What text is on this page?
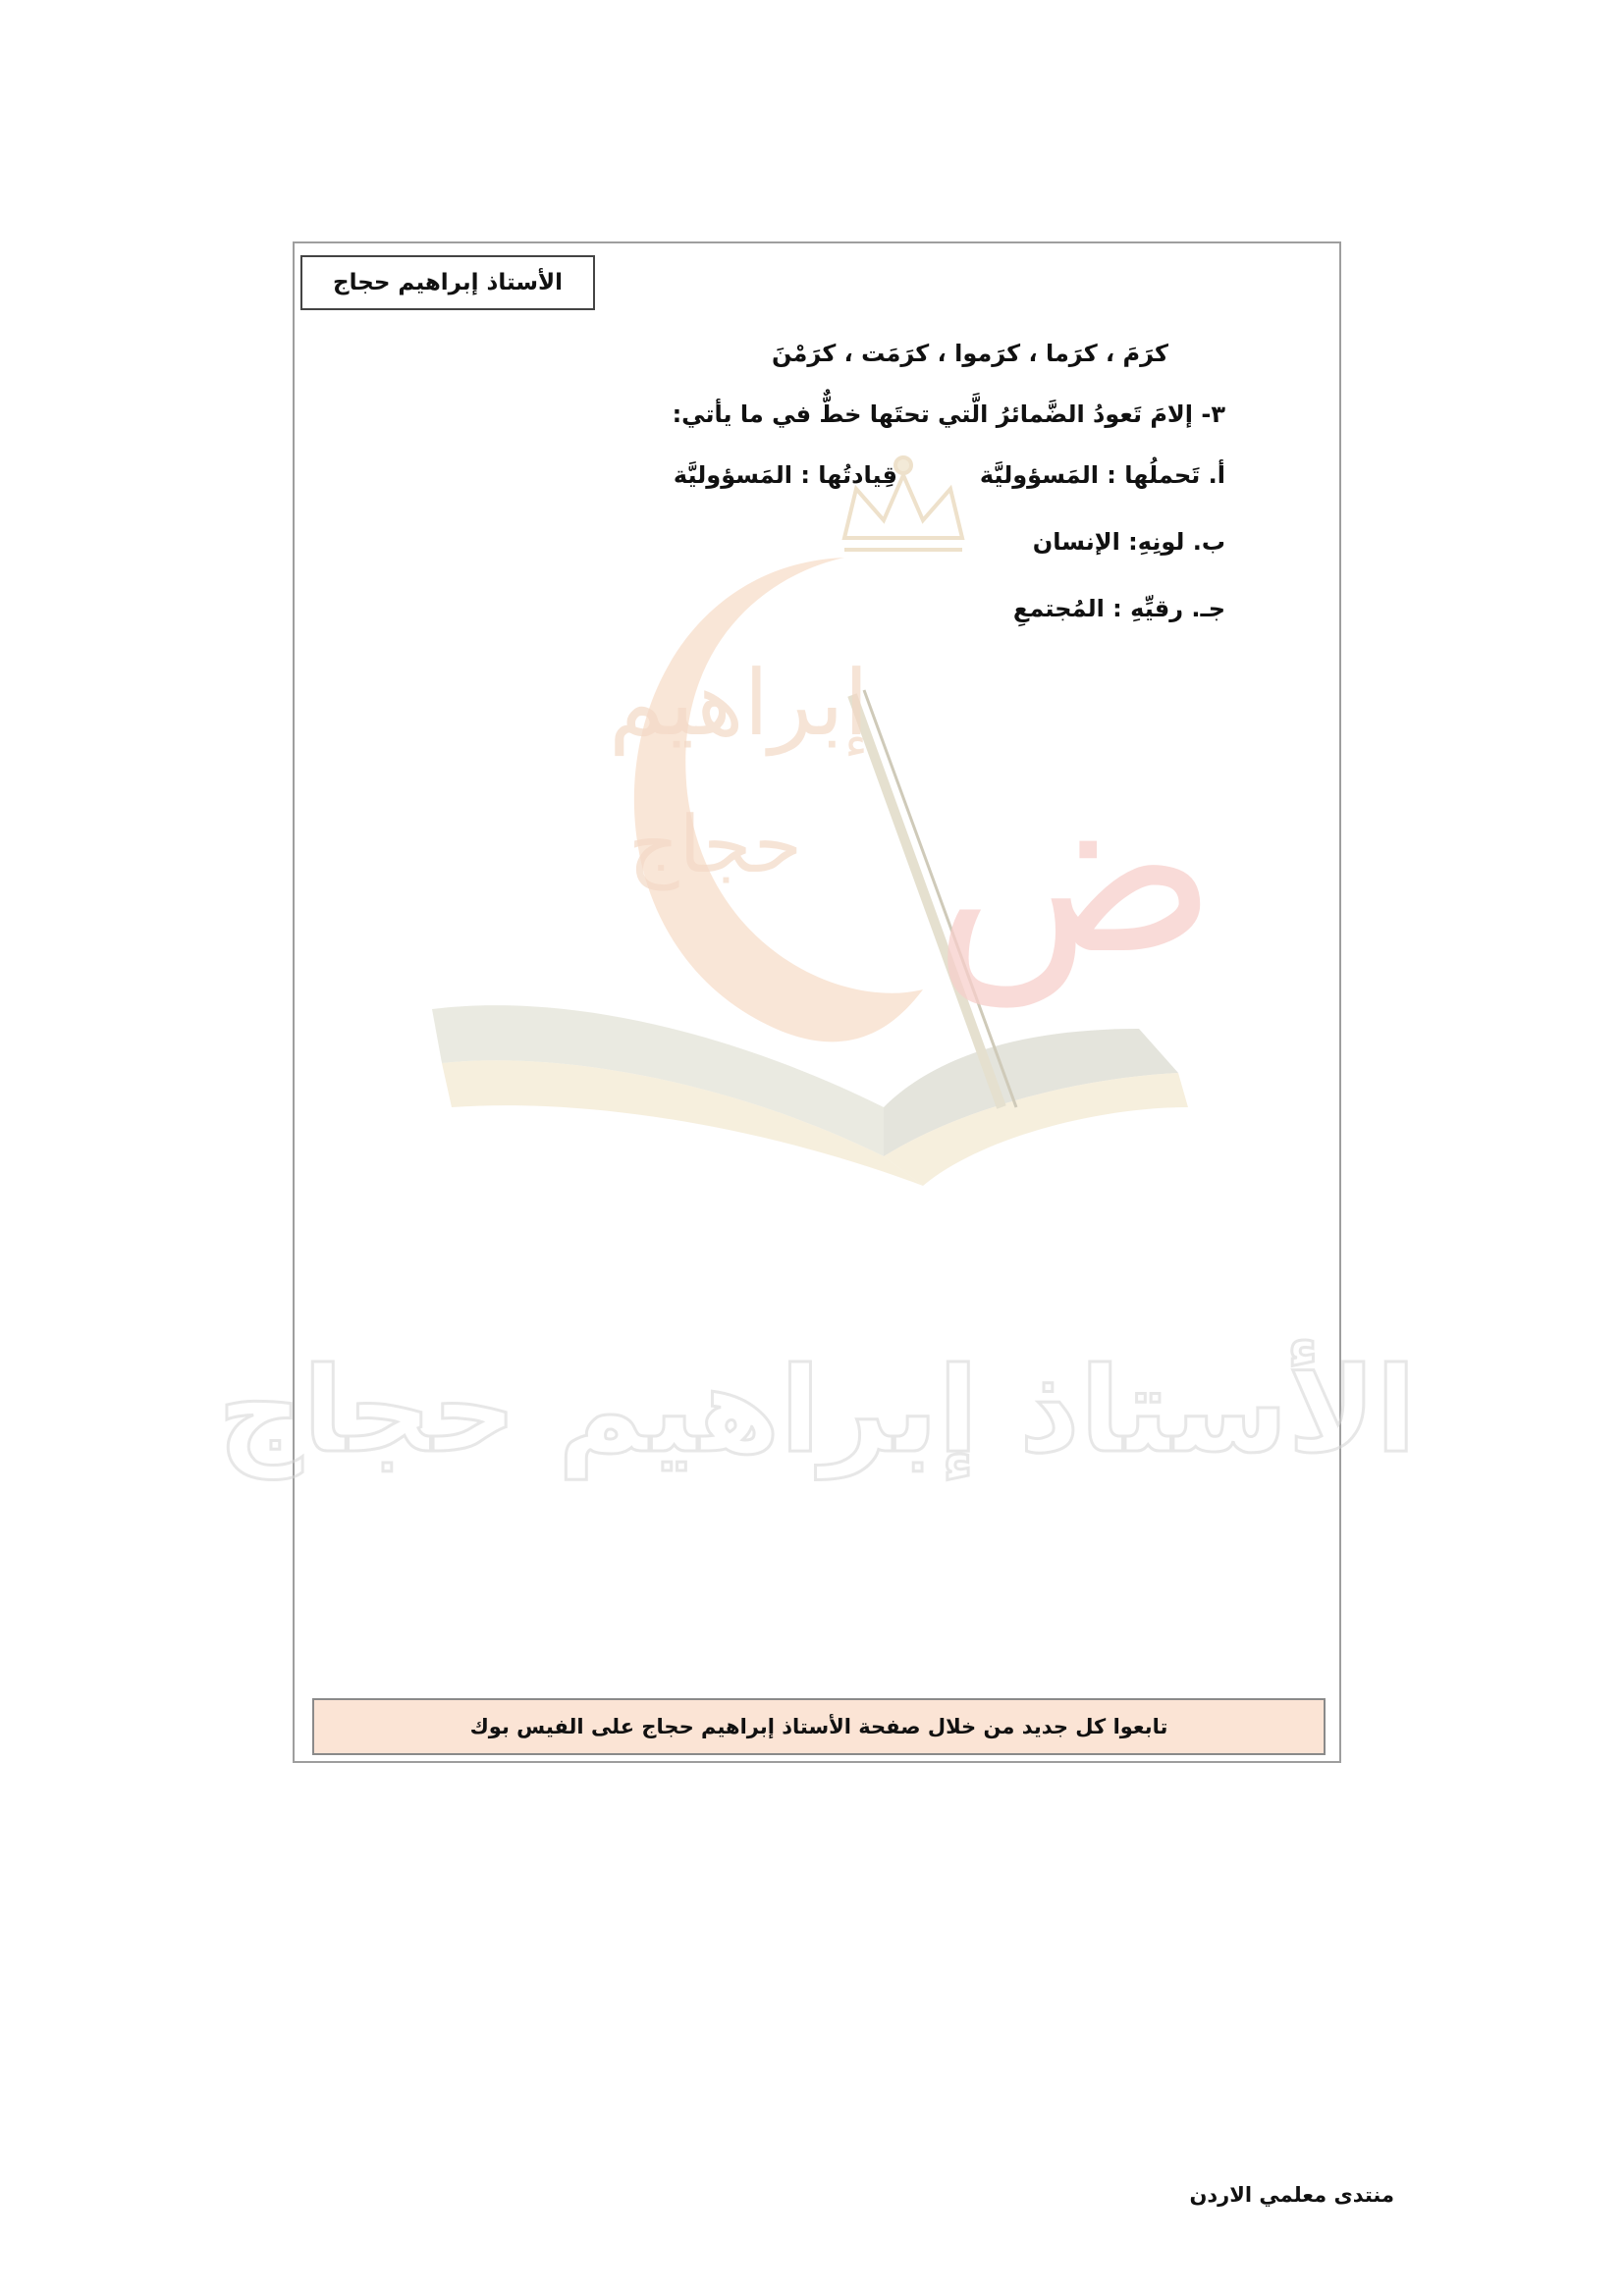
ض
إبراهيم
حجاج
الأستاذ إبراهيم حجاج
الأستاذ إبراهيم حجاج
كرَمَ ، كرَما ، كرَموا ، كرَمَت ، كرَمْنَ
٣- إلامَ تَعودُ الضَّمائرُ الَّتي تحتَها خطٌّ في ما يأتي:
أ. تَحملُها : المَسؤوليَّة
قِيادتُها : المَسؤوليَّة
ب. لونِهِ: الإنسان
جـ. رقيِّهِ : المُجتمعِ
تابعوا كل جديد من خلال صفحة الأستاذ إبراهيم حجاج على الفيس بوك
منتدى معلمي الاردن
